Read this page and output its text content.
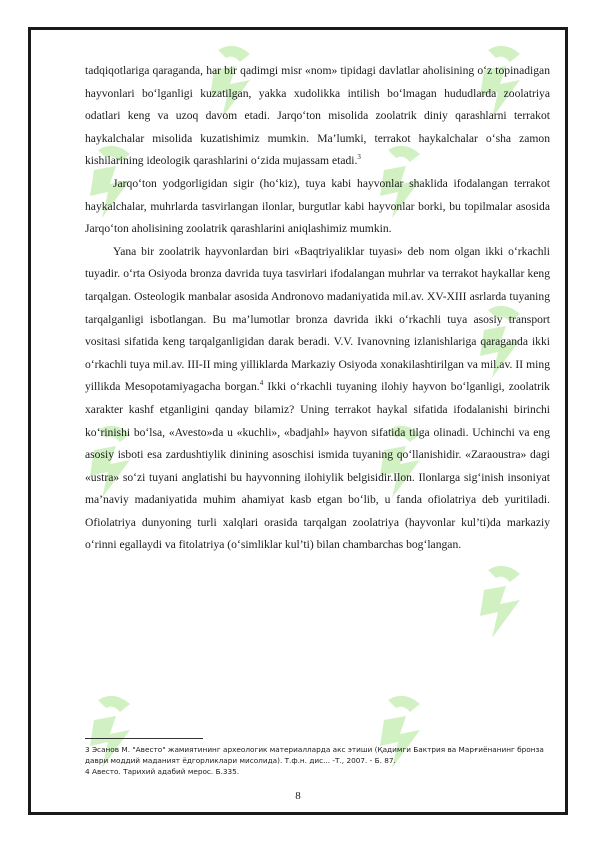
tadqiqotlariga qaraganda, har bir qadimgi misr «nom» tipidagi davlatlar aholisining o‘z topinadigan hayvonlari bo‘lganligi kuzatilgan, yakka xudolikka intilish bo‘lmagan hududlarda zoolatriya odatlari keng va uzoq davom etadi. Jarqo‘ton misolida zoolatrik diniy qarashlarni terrakot haykalchalar misolida kuzatishimiz mumkin. Ma’lumki, terrakot haykalchalar o‘sha zamon kishilarining ideologik qarashlarini o‘zida mujassam etadi.$^3$

Jarqo‘ton yodgorligidan sigir (ho‘kiz), tuya kabi hayvonlar shaklida ifodalangan terrakot haykalchalar, muhrlarda tasvirlangan ilonlar, burgutlar kabi hayvonlar borki, bu topilmalar asosida Jarqo‘ton aholisining zoolatrik qarashlarini aniqlashimiz mumkin.

Yana bir zoolatrik hayvonlardan biri «Baqtriyaliklar tuyasi» deb nom olgan ikki o‘rkachli tuyadir. o‘rta Osiyoda bronza davrida tuya tasvirlari ifodalangan muhrlar va terrakot haykallar keng tarqalgan. Osteologik manbalar asosida Andronovo madaniyatida mil.av. XV-XIII asrlarda tuyaning tarqalganligi isbotlangan. Bu ma’lumotlar bronza davrida ikki o‘rkachli tuya asosiy transport vositasi sifatida keng tarqalganligidan darak beradi. V.V. Ivanovning izlanishlariga qaraganda ikki o‘rkachli tuya mil.av. III-II ming yilliklarda Markaziy Osiyoda xonakilashtirilgan va mil.av. II ming yillikda Mesopotamiyagacha borgan.$^4$ Ikki o‘rkachli tuyaning ilohiy hayvon bo‘lganligi, zoolatrik xarakter kashf etganligini qanday bilamiz? Uning terrakot haykal sifatida ifodalanishi birinchi ko‘rinishi bo‘lsa, «Avesto»da u «kuchli», «badjahl» hayvon sifatida tilga olinadi. Uchinchi va eng asosiy isboti esa zardushtiylik dinining asoschisi ismida tuyaning qo‘llanishidir. «Zaraoustra» dagi «ustra» so‘zi tuyani anglatishi bu hayvonning ilohiylik belgisidir.Ilon. Ilonlarga sig‘inish insoniyat ma’naviy madaniyatida muhim ahamiyat kasb etgan bo‘lib, u fanda ofiolatriya deb yuritiladi. Ofiolatriya dunyoning turli xalqlari orasida tarqalgan zoolatriya (hayvonlar kul’ti)da markaziy o‘rinni egallaydi va fitolatriya (o‘simliklar kul’ti) bilan chambarchas bog‘langan.

3 Эсанов М. "Авесто" жамиятининг археологик материалларда акс этиши (Қадимги Бактрия ва Марғиёнанинг бронза даври моддий маданият ёдгорликлари мисолида). Т.ф.н. дис... -Т., 2007. - Б. 87.
4 Авесто. Тарихий адабий мерос. Б.335.
8
